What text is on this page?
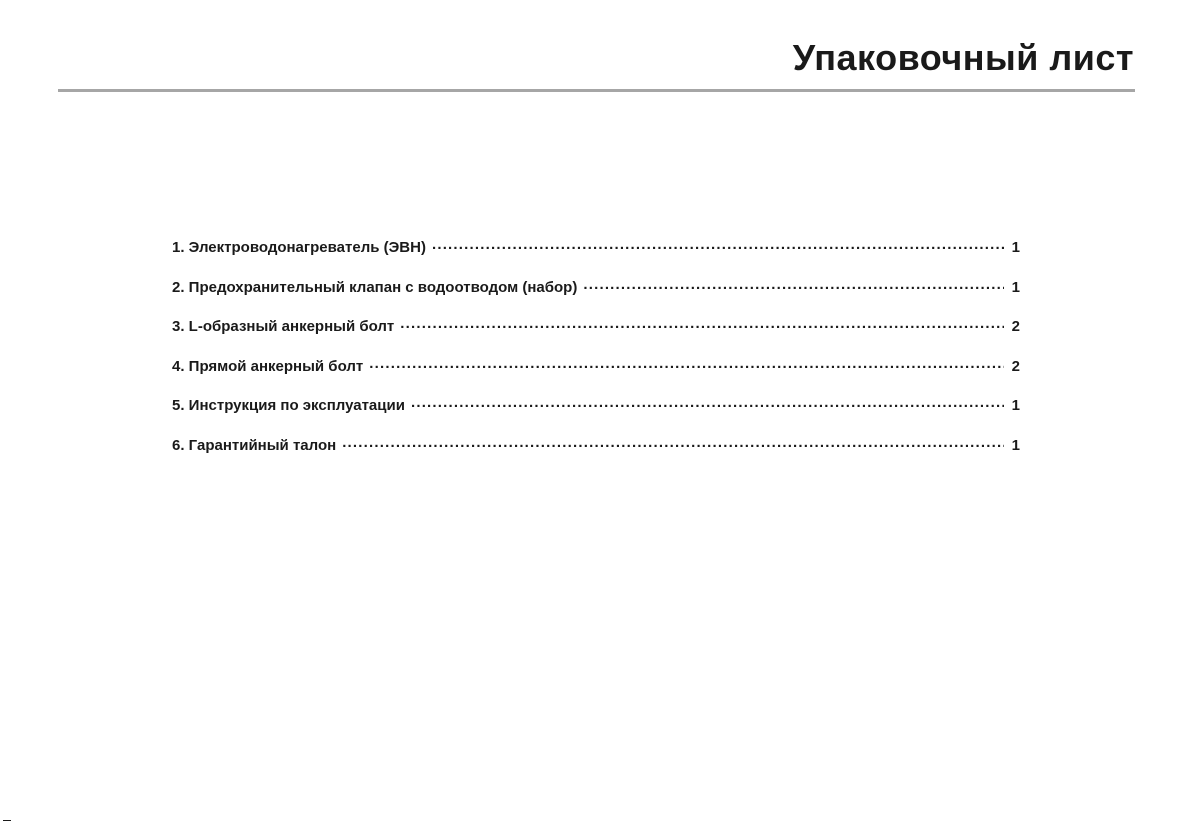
Упаковочный лист
1. Электроводонагреватель (ЭВН) .....	1
2. Предохранительный клапан с водоотводом (набор) .....	1
3. L-образный анкерный болт .....	2
4. Прямой анкерный болт .....	2
5. Инструкция по эксплуатации .....	1
6. Гарантийный талон .....	1
